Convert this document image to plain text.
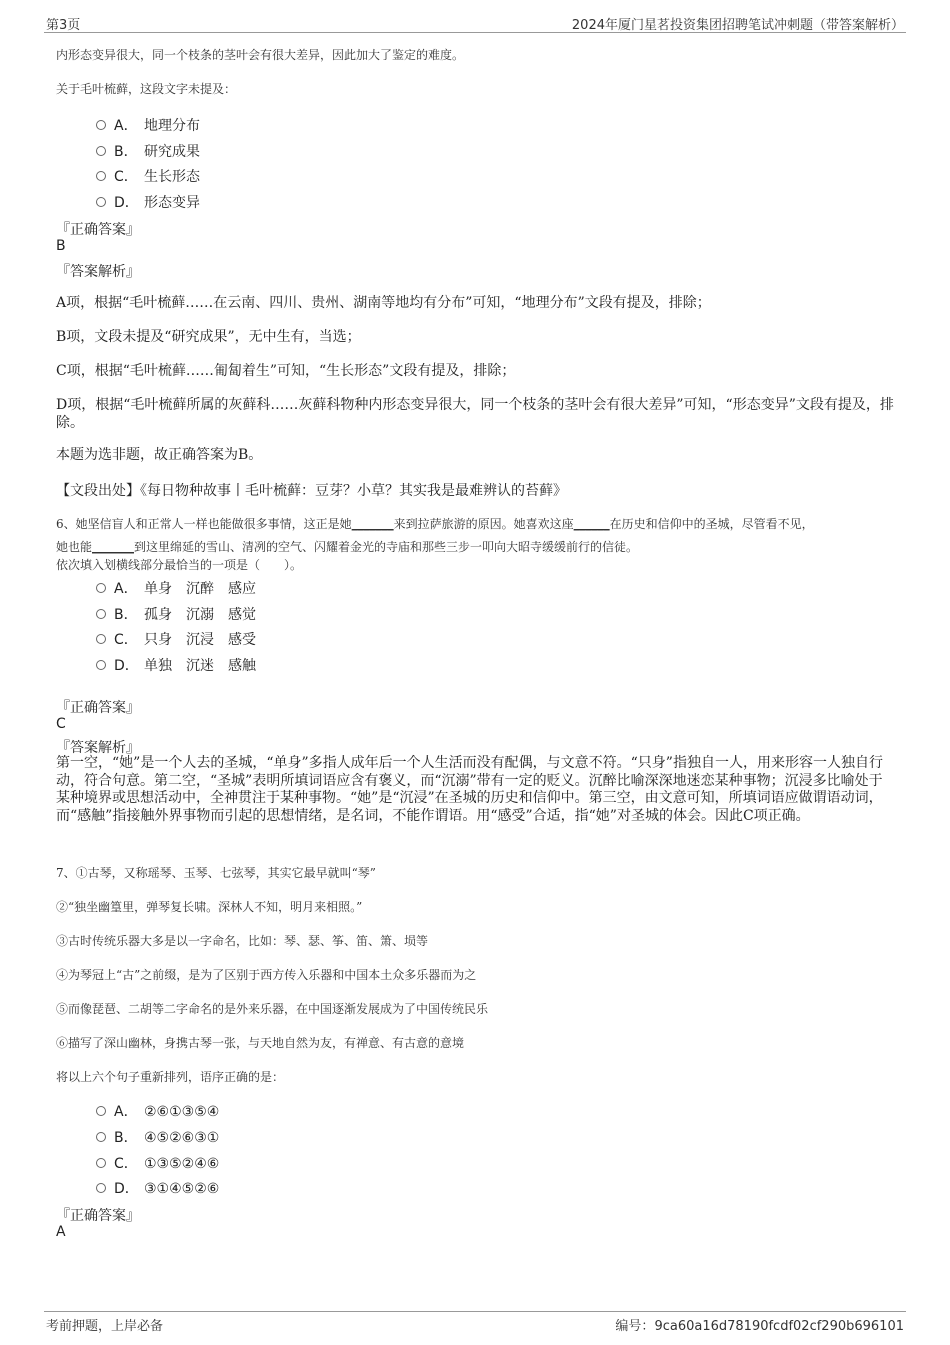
第3页	2024年厦门星茗投资集团招聘笔试冲刺题（带答案解析）
内形态变异很大，同一个枝条的茎叶会有很大差异，因此加大了鉴定的难度。
关于毛叶梳藓，这段文字未提及：
A． 地理分布
B． 研究成果
C． 生长形态
D． 形态变异
『正确答案』
B
『答案解析』
A项，根据“毛叶梳藓……在云南、四川、贵州、湖南等地均有分布”可知，“地理分布”文段有提及，排除；
B项，文段未提及“研究成果”，无中生有，当选；
C项，根据“毛叶梳藓……匍匐着生”可知，“生长形态”文段有提及，排除；
D项，根据“毛叶梳藓所属的灰藓科……灰藓科物种内形态变异很大，同一个枝条的茎叶会有很大差异”可知，“形态变异”文段有提及，排除。
本题为选非题，故正确答案为B。
【文段出处】《每日物种故事丨毛叶梳藓：豆芽？小草？其实我是最难辨认的苔藓》
6、她坚信盲人和正常人一样也能做很多事情，这正是她_______来到拉萨旅游的原因。她喜欢这座______在历史和信仰中的圣城，尽管看不见，
她也能_______到这里绵延的雪山、清冽的空气、闪耀着金光的寺庙和那些三步一叩向大昭寺缓缓前行的信徒。
依次填入划横线部分最恰当的一项是（　　）。
A． 单身　沉醉　感应
B． 孤身　沉溺　感觉
C． 只身　沉浸　感受
D． 单独　沉迷　感触
『正确答案』
C
『答案解析』
第一空，“她”是一个人去的圣城，“单身”多指人成年后一个人生活而没有配偶，与文意不符。“只身”指独自一人，用来形容一人独自行动，符合句意。第二空，“圣城”表明所填词语应含有褒义，而“沉溺”带有一定的贬义。沉醉比喻深深地迷恋某种事物；沉浸多比喻处于某种境界或思想活动中，全神贯注于某种事物。“她”是“沉浸”在圣城的历史和信仰中。第三空，由文意可知，所填词语应做谓语动词，而“感触”指接触外界事物而引起的思想情绪，是名词，不能作谓语。用“感受”合适，指“她”对圣城的体会。因此C项正确。
7、①古琴，又称瑶琴、玉琴、七弦琴，其实它最早就叫“琴”
②“独坐幽篁里，弹琴复长啸。深林人不知，明月来相照。”
③古时传统乐器大多是以一字命名，比如：琴、瑟、筝、笛、箫、埙等
④为琴冠上“古”之前缀，是为了区别于西方传入乐器和中国本土众多乐器而为之
⑤而像琵琶、二胡等二字命名的是外来乐器，在中国逐渐发展成为了中国传统民乐
⑥描写了深山幽林，身携古琴一张，与天地自然为友，有禅意、有古意的意境
将以上六个句子重新排列，语序正确的是：
A． ②⑥①③⑤④
B． ④⑤②⑥③①
C． ①③⑤②④⑥
D． ③①④⑤②⑥
『正确答案』
A
考前押题，上岸必备	编号：9ca60a16d78190fcdf02cf290b696101
